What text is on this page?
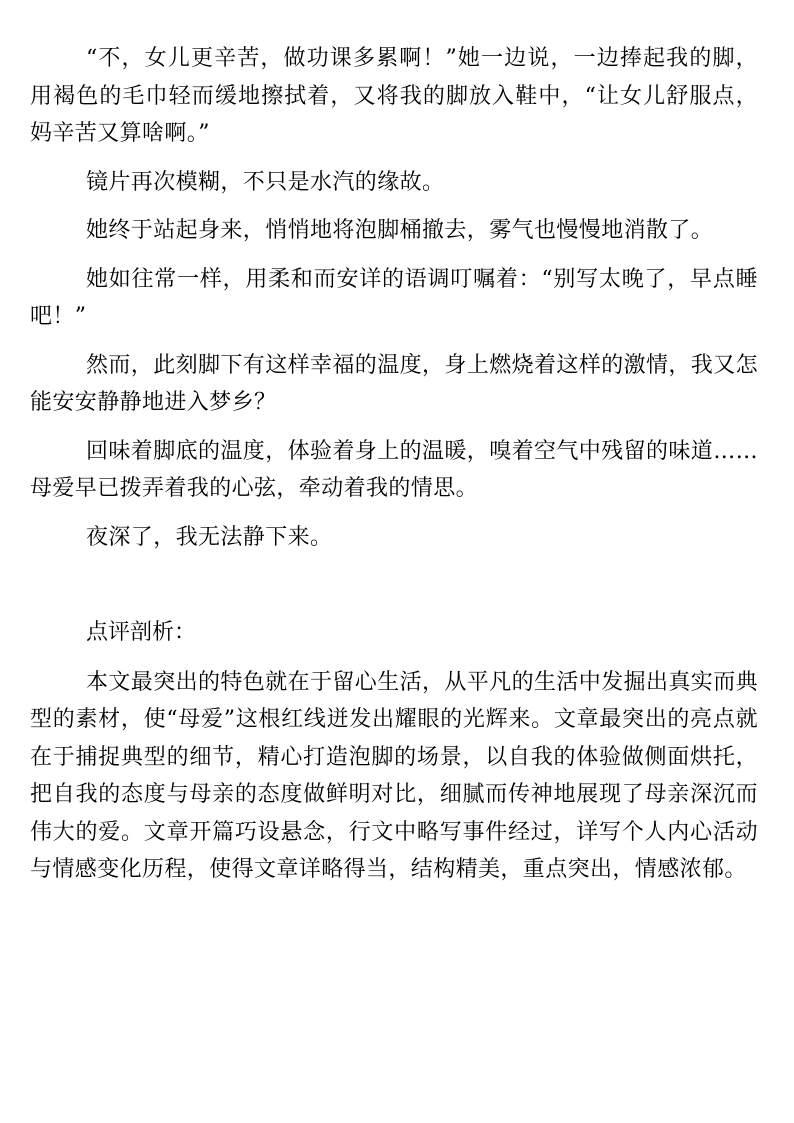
“不，女儿更辛苦，做功课多累啊！”她一边说，一边捧起我的脚，用褐色的毛巾轻而缓地擦拭着，又将我的脚放入鞋中，“让女儿舒服点，妈辛苦又算啥啊。”

镜片再次模糊，不只是水汽的缘故。

她终于站起身来，悄悄地将泡脚桶撤去，雾气也慢慢地消散了。

她如往常一样，用柔和而安详的语调叮嘱着：“别写太晚了，早点睡吧！”

然而，此刻脚下有这样幸福的温度，身上燃烧着这样的激情，我又怎能安安静静地进入梦乡？

回味着脚底的温度，体验着身上的温暖，嗅着空气中残留的味道……母爱早已拨弄着我的心弦，牵动着我的情思。

夜深了，我无法静下来。

点评剖析：

本文最突出的特色就在于留心生活，从平凡的生活中发掘出真实而典型的素材，使“母爱”这根红线迸发出耀眼的光辉来。文章最突出的亮点就在于捕捉典型的细节，精心打造泡脚的场景，以自我的体验做侧面烘托，把自我的态度与母亲的态度做鲜明对比，细腻而传神地展现了母亲深沉而伟大的爱。文章开篇巧设悬念，行文中略写事件经过，详写个人内心活动与情感变化历程，使得文章详略得当，结构精美，重点突出，情感浓郁。
